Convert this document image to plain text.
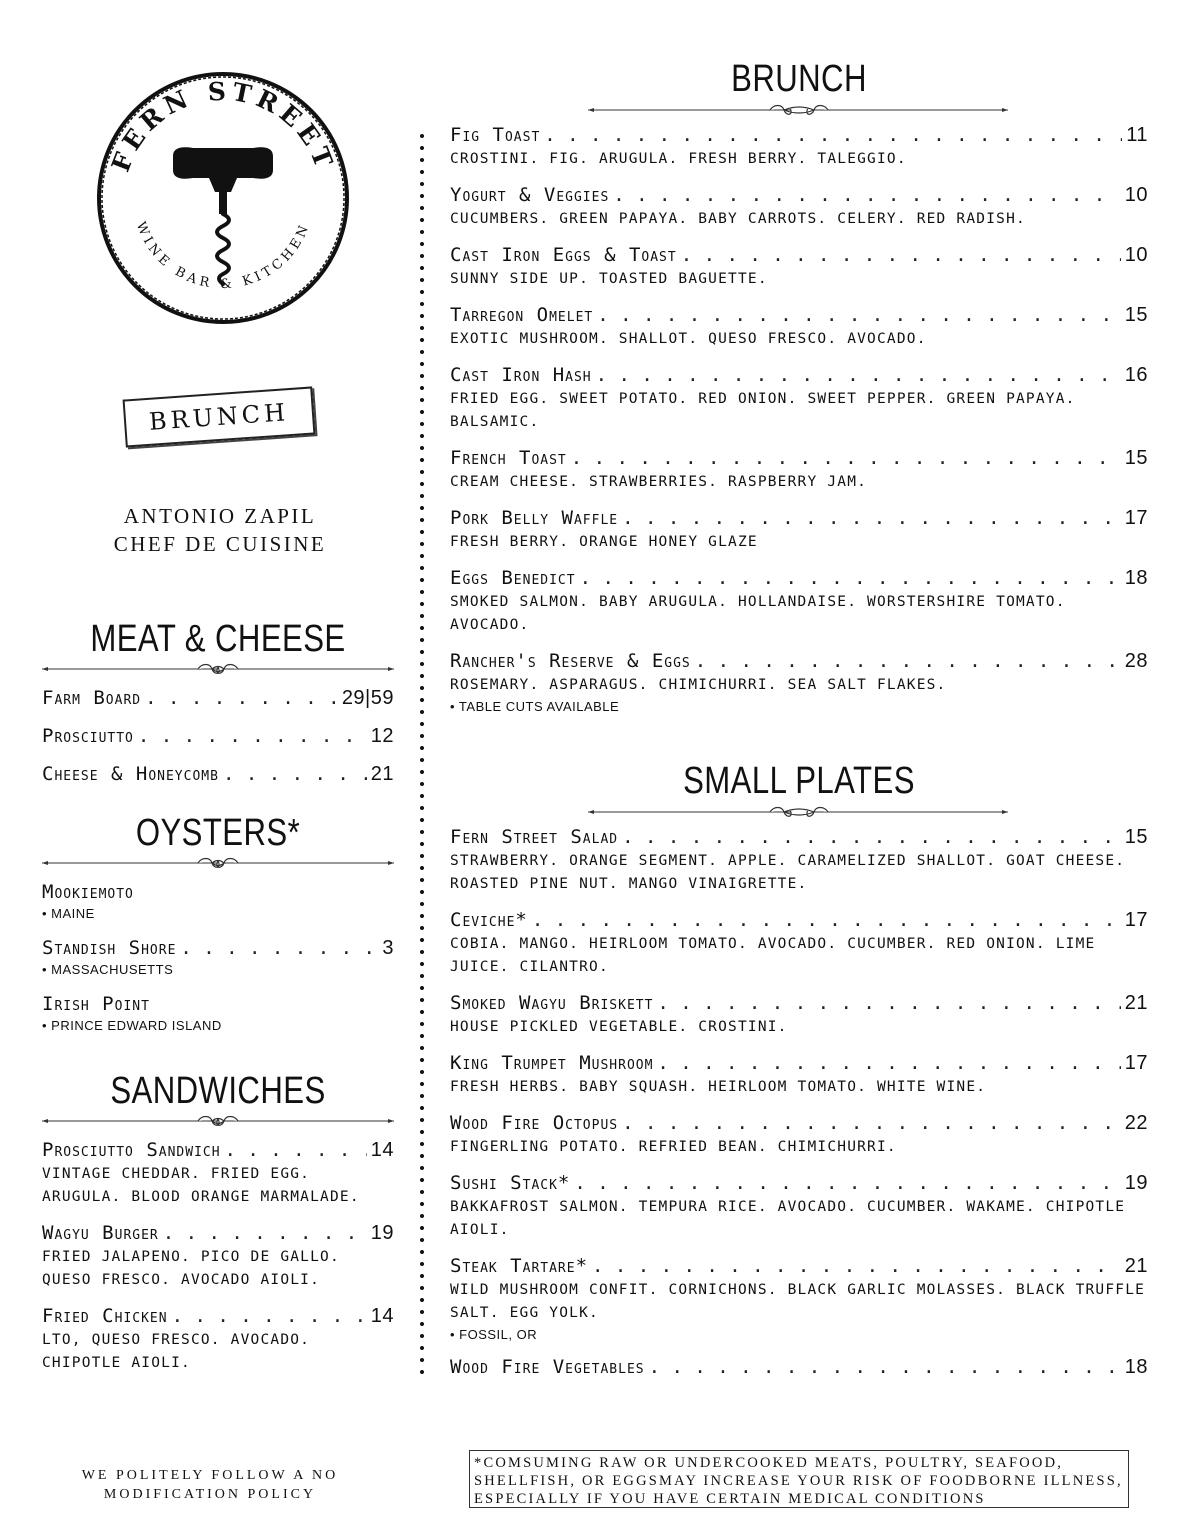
FERN STREET
WINE BAR & KITCHEN
BRUNCH
ANTONIO ZAPIL
CHEF DE CUISINE
MEAT & CHEESE
Farm Board . . .	29|59
Prosciutto . . .	12
Cheese & Honeycomb . . .	21
OYSTERS*
Mookiemoto
• MAINE
Standish Shore . . .	3
• MASSACHUSETTS
Irish Point
• PRINCE EDWARD ISLAND
SANDWICHES
Prosciutto Sandwich . . .	14
VINTAGE CHEDDAR. FRIED EGG. ARUGULA. BLOOD ORANGE MARMALADE.
Wagyu Burger . . .	19
FRIED JALAPENO. PICO DE GALLO. QUESO FRESCO. AVOCADO AIOLI.
Fried Chicken . . .	14
LTO, QUESO FRESCO. AVOCADO. CHIPOTLE AIOLI.
BRUNCH
Fig Toast . . .	11
CROSTINI. FIG. ARUGULA. FRESH BERRY. TALEGGIO.
Yogurt & Veggies . . .	10
CUCUMBERS. GREEN PAPAYA. BABY CARROTS. CELERY. RED RADISH.
Cast Iron Eggs & Toast . . .	10
SUNNY SIDE UP. TOASTED BAGUETTE.
Tarregon Omelet . . .	15
EXOTIC MUSHROOM. SHALLOT. QUESO FRESCO. AVOCADO.
Cast Iron Hash . . .	16
FRIED EGG. SWEET POTATO. RED ONION. SWEET PEPPER. GREEN PAPAYA. BALSAMIC.
French Toast . . .	15
CREAM CHEESE. STRAWBERRIES. RASPBERRY JAM.
Pork Belly Waffle . . .	17
FRESH BERRY. ORANGE HONEY GLAZE
Eggs Benedict . . .	18
SMOKED SALMON. BABY ARUGULA. HOLLANDAISE. WORSTERSHIRE TOMATO. AVOCADO.
Rancher's Reserve & Eggs . . .	28
ROSEMARY. ASPARAGUS. CHIMICHURRI. SEA SALT FLAKES.
• TABLE CUTS AVAILABLE
SMALL PLATES
Fern Street Salad . . .	15
STRAWBERRY. ORANGE SEGMENT. APPLE. CARAMELIZED SHALLOT. GOAT CHEESE. ROASTED PINE NUT. MANGO VINAIGRETTE.
Ceviche* . . .	17
COBIA. MANGO. HEIRLOOM TOMATO. AVOCADO. CUCUMBER. RED ONION. LIME JUICE. CILANTRO.
Smoked Wagyu Briskett . . .	21
HOUSE PICKLED VEGETABLE. CROSTINI.
King Trumpet Mushroom . . .	17
FRESH HERBS. BABY SQUASH. HEIRLOOM TOMATO. WHITE WINE.
Wood Fire Octopus . . .	22
FINGERLING POTATO. REFRIED BEAN. CHIMICHURRI.
Sushi Stack* . . .	19
BAKKAFROST SALMON. TEMPURA RICE. AVOCADO. CUCUMBER. WAKAME. CHIPOTLE AIOLI.
Steak Tartare* . . .	21
WILD MUSHROOM CONFIT. CORNICHONS. BLACK GARLIC MOLASSES. BLACK TRUFFLE SALT. EGG YOLK.
• FOSSIL, OR
Wood Fire Vegetables . . .	18
WE POLITELY FOLLOW A NO MODIFICATION POLICY
*COMSUMING RAW OR UNDERCOOKED MEATS, POULTRY, SEAFOOD, SHELLFISH, OR EGGSMAY INCREASE YOUR RISK OF FOODBORNE ILLNESS, ESPECIALLY IF YOU HAVE CERTAIN MEDICAL CONDITIONS
